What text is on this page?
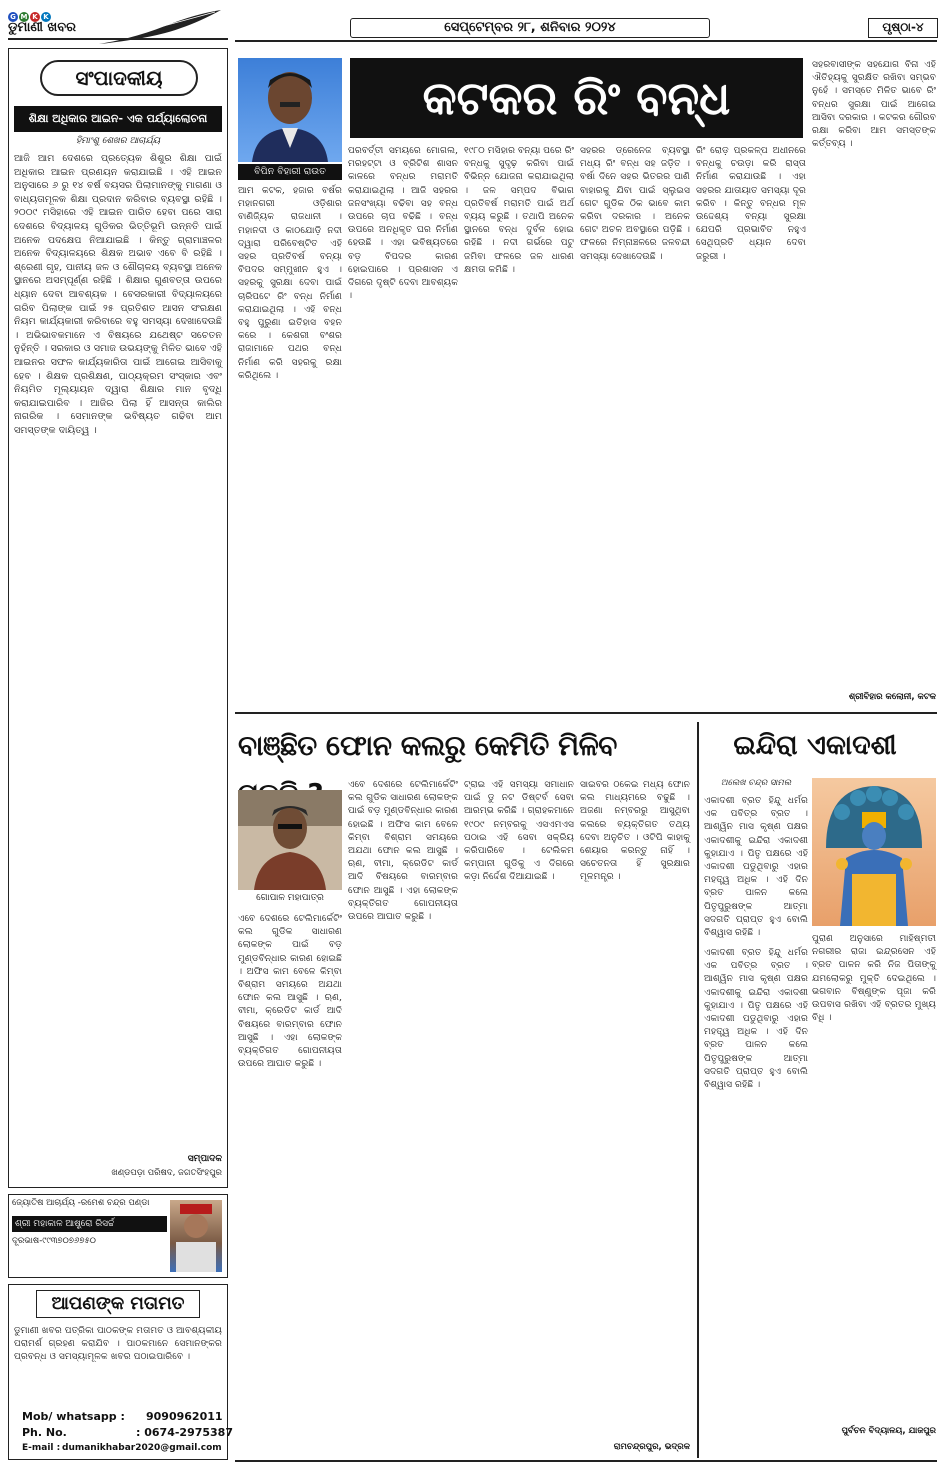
G M K K
ଡୁମାଣୀ ଖବର	ସେପ୍ଟେମ୍ବର ୨୮, ଶନିବାର ୨୦୨୪	ପୃଷ୍ଠା-୪
ସଂପାଦକୀୟ
ଶିକ୍ଷା ଅଧିକାର ଆଇନ- ଏକ ପର୍ଯ୍ୟାଲୋଚନା
ହିମାଂଶୁ ଶେଖର ଆଚାର୍ଯ୍ୟ
ଆଜି ଆମ ଦେଶରେ ପ୍ରତ୍ୟେକ ଶିଶୁର ଶିକ୍ଷା ପାଇଁ ଅଧିକାର ଆଇନ ପ୍ରଣୟନ କରାଯାଇଛି । ଏହି ଆଇନ ଅନୁସାରେ ୬ ରୁ ୧୪ ବର୍ଷ ବୟସର ପିଲାମାନଙ୍କୁ ମାଗଣା ଓ ବାଧ୍ୟତାମୂଳକ ଶିକ୍ଷା ପ୍ରଦାନ କରିବାର ବ୍ୟବସ୍ଥା ରହିଛି । ୨୦୦୯ ମସିହାରେ ଏହି ଆଇନ ପାରିତ ହେବା ପରେ ସାରା ଦେଶରେ ବିଦ୍ୟାଳୟ ଗୁଡିକର ଭିତ୍ତିଭୂମି ଉନ୍ନତି ପାଇଁ ଅନେକ ପଦକ୍ଷେପ ନିଆଯାଇଛି । କିନ୍ତୁ ଗ୍ରାମାଞ୍ଚଳର ଅନେକ ବିଦ୍ୟାଳୟରେ ଶିକ୍ଷକ ଅଭାବ ଏବେ ବି ରହିଛି । ଶ୍ରେଣୀ ଗୃହ, ପାନୀୟ ଜଳ ଓ ଶୌଚାଳୟ ବ୍ୟବସ୍ଥା ଅନେକ ସ୍ଥାନରେ ଅସମ୍ପୂର୍ଣ୍ଣ ରହିଛି । ଶିକ୍ଷାର ଗୁଣବତ୍ତା ଉପରେ ଧ୍ୟାନ ଦେବା ଆବଶ୍ୟକ । ବେସରକାରୀ ବିଦ୍ୟାଳୟରେ ଗରିବ ପିଲାଙ୍କ ପାଇଁ ୨୫ ପ୍ରତିଶତ ଆସନ ସଂରକ୍ଷଣ ନିୟମ କାର୍ଯ୍ୟକାରୀ କରିବାରେ ବହୁ ସମସ୍ୟା ଦେଖାଦେଉଛି । ଅଭିଭାବକମାନେ ଏ ବିଷୟରେ ଯଥେଷ୍ଟ ସଚେତନ ନୁହଁନ୍ତି । ସରକାର ଓ ସମାଜ ଉଭୟଙ୍କୁ ମିଳିତ ଭାବେ ଏହି ଆଇନର ସଫଳ କାର୍ଯ୍ୟକାରିତା ପାଇଁ ଆଗେଇ ଆସିବାକୁ ହେବ । ଶିକ୍ଷକ ପ୍ରଶିକ୍ଷଣ, ପାଠ୍ୟକ୍ରମ ସଂସ୍କାର ଏବଂ ନିୟମିତ ମୂଲ୍ୟାୟନ ଦ୍ୱାରା ଶିକ୍ଷାର ମାନ ବୃଦ୍ଧି କରାଯାଇପାରିବ । ଆଜିର ପିଲା ହିଁ ଆସନ୍ତା କାଲିର ନାଗରିକ । ସେମାନଙ୍କ ଭବିଷ୍ୟତ ଗଢିବା ଆମ ସମସ୍ତଙ୍କ ଦାୟିତ୍ୱ ।
ସମ୍ପାଦକ
ଖଣ୍ଡପଡ଼ା ପରିଷଦ, ଜଗତସିଂହପୁର
ଜ୍ୟୋତିଷ ଆଚାର୍ଯ୍ୟ -ରମେଶ ଚନ୍ଦ୍ର ପଣ୍ଡା
ଶ୍ରୀ ମହାକାଳ ଆଷ୍ଟ୍ରୋ ରିସର୍ଚ୍ଚ
ଦୂରଭାଷ-୯୯୩୭୦୭୬୭୫୦
ଆପଣଙ୍କ ମତାମତ
ଡୁମାଣୀ ଖବର ପତ୍ରିକା ପାଠକଙ୍କ ମତାମତ ଓ ଆବଶ୍ୟକୀୟ ପରାମର୍ଶ ଗ୍ରହଣ କରାଯିବ । ପାଠକମାନେ ସେମାନଙ୍କର ପ୍ରବନ୍ଧ ଓ ସମସ୍ୟାମୂଳକ ଖବର ପଠାଇପାରିବେ ।
Mob/ whatsapp : 9090962011
Ph. No.	: 0674-2975387
E-mail : dumanikhabar2020@gmail.com
ବିପିନ ବିହାରୀ ରାଉତ
କଟକର ରିଂ ବନ୍ଧ
ଆମ କଟକ, ହଜାର ବର୍ଷର ମହାନଗରୀ ଓଡ଼ିଶାର ବାଣିଜ୍ୟିକ ରାଜଧାନୀ । ମହାନଦୀ ଓ କାଠଯୋଡ଼ି ନଦୀ ଦ୍ୱାରା ପରିବେଷ୍ଟିତ ଏହି ସହର ପ୍ରତିବର୍ଷ ବନ୍ୟା ବିପଦର ସମ୍ମୁଖୀନ ହୁଏ । ସହରକୁ ସୁରକ୍ଷା ଦେବା ପାଇଁ ଚାରିପଟେ ରିଂ ବନ୍ଧ ନିର୍ମାଣ କରାଯାଇଥିଲା । ଏହି ବନ୍ଧ ବହୁ ପୁରୁଣା ଇତିହାସ ବହନ କରେ । କେଶରୀ ବଂଶର ରାଜାମାନେ ପଥର ବନ୍ଧ ନିର୍ମାଣ କରି ସହରକୁ ରକ୍ଷା କରିଥିଲେ ।
ପରବର୍ତ୍ତୀ ସମୟରେ ମୋଗଲ, ମରହଟ୍ଟା ଓ ବ୍ରିଟିଶ ଶାସନ କାଳରେ ବନ୍ଧର ମରାମତି କରାଯାଇଥିଲା । ଆଜି ସହରର ଜନସଂଖ୍ୟା ବଢିବା ସହ ବନ୍ଧ ଉପରେ ଚାପ ବଢିଛି । ବନ୍ଧ ଉପରେ ଅନଧିକୃତ ଘର ନିର୍ମାଣ ହେଉଛି । ଏହା ଭବିଷ୍ୟତରେ ବଡ଼ ବିପଦର କାରଣ ହୋଇପାରେ । ପ୍ରଶାସନ ଏ ଦିଗରେ ଦୃଷ୍ଟି ଦେବା ଆବଶ୍ୟକ ।
୧୯୮୦ ମସିହାର ବନ୍ୟା ପରେ ରିଂ ବନ୍ଧକୁ ସୁଦୃଢ଼ କରିବା ପାଇଁ ବିଭିନ୍ନ ଯୋଜନା କରାଯାଇଥିଲା । ଜଳ ସମ୍ପଦ ବିଭାଗ ପ୍ରତିବର୍ଷ ମରାମତି ପାଇଁ ଅର୍ଥ ବ୍ୟୟ କରୁଛି । ତଥାପି ଅନେକ ସ୍ଥାନରେ ବନ୍ଧ ଦୁର୍ବଳ ହୋଇ ରହିଛି । ନଦୀ ଗର୍ଭରେ ପଟୁ ଜମିବା ଫଳରେ ଜଳ ଧାରଣ କ୍ଷମତା କମିଛି ।
ସହରର ଡ୍ରେନେଜ ବ୍ୟବସ୍ଥା ମଧ୍ୟ ରିଂ ବନ୍ଧ ସହ ଜଡ଼ିତ । ବର୍ଷା ଦିନେ ସହର ଭିତରର ପାଣି ବାହାରକୁ ଯିବା ପାଇଁ ସ୍ଲୁଇସ ଗେଟ ଗୁଡିକ ଠିକ ଭାବେ କାମ କରିବା ଦରକାର । ଅନେକ ଗେଟ ଅଚଳ ଅବସ୍ଥାରେ ପଡ଼ିଛି । ଫଳରେ ନିମ୍ନାଞ୍ଚଳରେ ଜଳବନ୍ଦୀ ସମସ୍ୟା ଦେଖାଦେଉଛି ।
ରିଂ ରୋଡ଼ ପ୍ରକଳ୍ପ ଅଧୀନରେ ବନ୍ଧକୁ ଚଉଡ଼ା କରି ରାସ୍ତା ନିର୍ମାଣ କରାଯାଉଛି । ଏହା ସହରର ଯାତାୟାତ ସମସ୍ୟା ଦୂର କରିବ । କିନ୍ତୁ ବନ୍ଧର ମୂଳ ଉଦ୍ଦେଶ୍ୟ ବନ୍ୟା ସୁରକ୍ଷା ଯେପରି ପ୍ରଭାବିତ ନହୁଏ ସେଥିପ୍ରତି ଧ୍ୟାନ ଦେବା ଜରୁରୀ ।
ସହରବାସୀଙ୍କ ସହଯୋଗ ବିନା ଏହି ଐତିହ୍ୟକୁ ସୁରକ୍ଷିତ ରଖିବା ସମ୍ଭବ ନୁହେଁ । ସମସ୍ତେ ମିଳିତ ଭାବେ ରିଂ ବନ୍ଧର ସୁରକ୍ଷା ପାଇଁ ଆଗେଇ ଆସିବା ଦରକାର । କଟକର ଗୌରବ ରକ୍ଷା କରିବା ଆମ ସମସ୍ତଙ୍କ କର୍ତ୍ତବ୍ୟ ।
ଶ୍ରୀବିହାର କଲୋନୀ, କଟକ
ବାଞ୍ଛିତ ଫୋନ କଲରୁ କେମିତି ମିଳିବ
ଗୋପାଳ ମହାପାତ୍ର
ଏବେ ଦେଶରେ ଟେଲିମାର୍କେଟିଂ କଲ ଗୁଡିକ ସାଧାରଣ ଲୋକଙ୍କ ପାଇଁ ବଡ଼ ମୁଣ୍ଡବିନ୍ଧାର କାରଣ ହୋଇଛି । ଅଫିସ କାମ ବେଳେ କିମ୍ବା ବିଶ୍ରାମ ସମୟରେ ଅଯଥା ଫୋନ କଲ ଆସୁଛି । ଋଣ, ବୀମା, କ୍ରେଡିଟ କାର୍ଡ ଆଦି ବିଷୟରେ ବାରମ୍ବାର ଫୋନ ଆସୁଛି । ଏହା ଲୋକଙ୍କ ବ୍ୟକ୍ତିଗତ ଗୋପନୀୟତା ଉପରେ ଆଘାତ କରୁଛି ।
ଏବେ ଦେଶରେ ଟେଲିମାର୍କେଟିଂ କଲ ଗୁଡିକ ସାଧାରଣ ଲୋକଙ୍କ ପାଇଁ ବଡ଼ ମୁଣ୍ଡବିନ୍ଧାର କାରଣ ହୋଇଛି । ଅଫିସ କାମ ବେଳେ କିମ୍ବା ବିଶ୍ରାମ ସମୟରେ ଅଯଥା ଫୋନ କଲ ଆସୁଛି । ଋଣ, ବୀମା, କ୍ରେଡିଟ କାର୍ଡ ଆଦି ବିଷୟରେ ବାରମ୍ବାର ଫୋନ ଆସୁଛି । ଏହା ଲୋକଙ୍କ ବ୍ୟକ୍ତିଗତ ଗୋପନୀୟତା ଉପରେ ଆଘାତ କରୁଛି ।
ଟ୍ରାଇ ଏହି ସମସ୍ୟା ସମାଧାନ ପାଇଁ ଡୁ ନଟ ଡିଷ୍ଟର୍ବ ସେବା ଆରମ୍ଭ କରିଛି । ଗ୍ରାହକମାନେ ୧୯୦୯ ନମ୍ବରକୁ ଏସଏମଏସ ପଠାଇ ଏହି ସେବା ସକ୍ରିୟ କରିପାରିବେ । ଟେଲିକମ କମ୍ପାନୀ ଗୁଡିକୁ ଏ ଦିଗରେ କଡ଼ା ନିର୍ଦ୍ଦେଶ ଦିଆଯାଇଛି ।
ସାଇବର ଠକେଇ ମଧ୍ୟ ଫୋନ କଲ ମାଧ୍ୟମରେ ବଢୁଛି । ଅଜଣା ନମ୍ବରରୁ ଆସୁଥିବା କଲରେ ବ୍ୟକ୍ତିଗତ ତଥ୍ୟ ଦେବା ଅନୁଚିତ । ଓଟିପି କାହାକୁ ଶେୟାର କରନ୍ତୁ ନାହିଁ । ସଚେତନତା ହିଁ ସୁରକ୍ଷାର ମୂଳମନ୍ତ୍ର ।
ରାମଚନ୍ଦ୍ରପୁର, ଭଦ୍ରକ
ଇନ୍ଦିରା ଏକାଦଶୀ
ଅଲେଖ ଚନ୍ଦ୍ର ସାମଲ
ଏକାଦଶୀ ବ୍ରତ ହିନ୍ଦୁ ଧର୍ମର ଏକ ପବିତ୍ର ବ୍ରତ । ଆଶ୍ୱିନ ମାସ କୃଷ୍ଣ ପକ୍ଷର ଏକାଦଶୀକୁ ଇନ୍ଦିରା ଏକାଦଶୀ କୁହାଯାଏ । ପିତୃ ପକ୍ଷରେ ଏହି ଏକାଦଶୀ ପଡୁଥିବାରୁ ଏହାର ମହତ୍ତ୍ୱ ଅଧିକ । ଏହି ଦିନ ବ୍ରତ ପାଳନ କଲେ ପିତୃପୁରୁଷଙ୍କ ଆତ୍ମା ସଦଗତି ପ୍ରାପ୍ତ ହୁଏ ବୋଲି ବିଶ୍ୱାସ ରହିଛି ।
ଏକାଦଶୀ ବ୍ରତ ହିନ୍ଦୁ ଧର୍ମର ଏକ ପବିତ୍ର ବ୍ରତ । ଆଶ୍ୱିନ ମାସ କୃଷ୍ଣ ପକ୍ଷର ଏକାଦଶୀକୁ ଇନ୍ଦିରା ଏକାଦଶୀ କୁହାଯାଏ । ପିତୃ ପକ୍ଷରେ ଏହି ଏକାଦଶୀ ପଡୁଥିବାରୁ ଏହାର ମହତ୍ତ୍ୱ ଅଧିକ । ଏହି ଦିନ ବ୍ରତ ପାଳନ କଲେ ପିତୃପୁରୁଷଙ୍କ ଆତ୍ମା ସଦଗତି ପ୍ରାପ୍ତ ହୁଏ ବୋଲି ବିଶ୍ୱାସ ରହିଛି ।
ପୁରାଣ ଅନୁସାରେ ମାହିଷ୍ମତୀ ନଗରୀର ରାଜା ଇନ୍ଦ୍ରସେନ ଏହି ବ୍ରତ ପାଳନ କରି ନିଜ ପିତାଙ୍କୁ ଯମଲୋକରୁ ମୁକ୍ତି ଦେଇଥିଲେ । ଭଗବାନ ବିଷ୍ଣୁଙ୍କ ପୂଜା କରି ଉପବାସ ରଖିବା ଏହି ବ୍ରତର ମୁଖ୍ୟ ବିଧି ।
ପୁର୍ବଚନ ବିଦ୍ୟାଳୟ, ଯାଜପୁର
